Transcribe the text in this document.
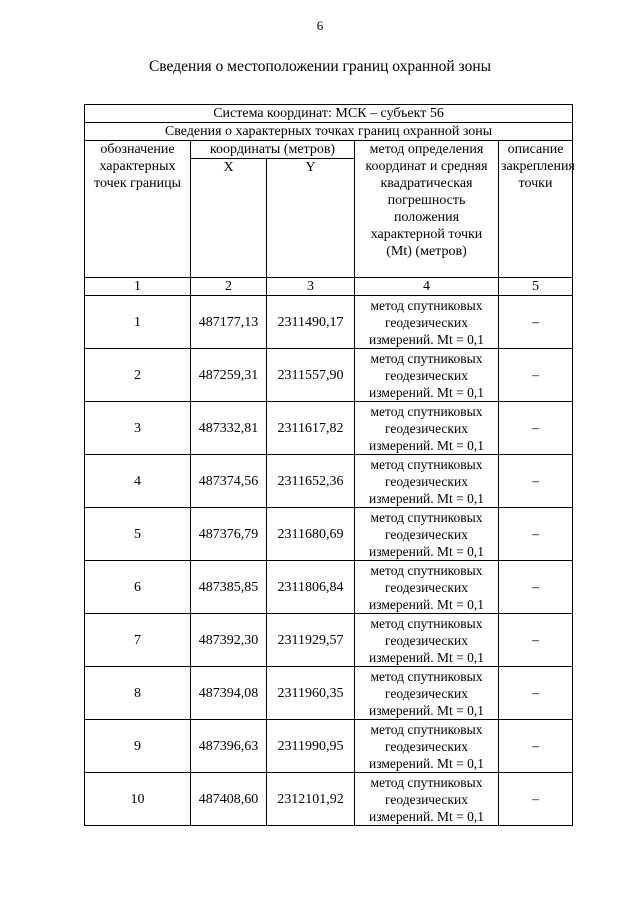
6
Сведения о местоположении границ охранной зоны
Система координат: МСК – субъект 56				
Сведения о характерных точках границ охранной зоны				
обозначение характерных точек границы	координаты (метров)		метод определения координат и средняя квадратическая погрешность положения характерной точки (Mt) (метров)	описание закрепления точки
	X	Y		
1	2	3	4	5
1	487177,13	2311490,17	метод спутниковых геодезических измерений. Mt = 0,1	–
2	487259,31	2311557,90	метод спутниковых геодезических измерений. Mt = 0,1	–
3	487332,81	2311617,82	метод спутниковых геодезических измерений. Mt = 0,1	–
4	487374,56	2311652,36	метод спутниковых геодезических измерений. Mt = 0,1	–
5	487376,79	2311680,69	метод спутниковых геодезических измерений. Mt = 0,1	–
6	487385,85	2311806,84	метод спутниковых геодезических измерений. Mt = 0,1	–
7	487392,30	2311929,57	метод спутниковых геодезических измерений. Mt = 0,1	–
8	487394,08	2311960,35	метод спутниковых геодезических измерений. Mt = 0,1	–
9	487396,63	2311990,95	метод спутниковых геодезических измерений. Mt = 0,1	–
10	487408,60	2312101,92	метод спутниковых геодезических измерений. Mt = 0,1	–
